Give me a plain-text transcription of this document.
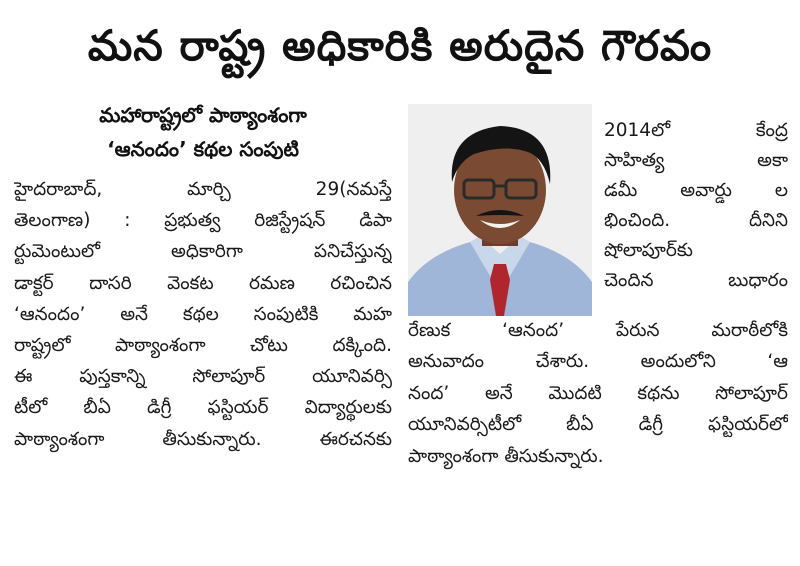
మన రాష్ట్ర అధికారికి అరుదైన గౌరవం
మహారాష్ట్రలో పాఠ్యాంశంగా
‘ఆనందం’ కథల సంపుటి
హైదరాబాద్, మార్చి 29(నమస్తే
తెలంగాణ) : ప్రభుత్వ రిజిస్ట్రేషన్ డిపా
ర్టుమెంటులో అధికారిగా పనిచేస్తున్న
డాక్టర్ దాసరి వెంకట రమణ రచించిన
‘ఆనందం’ అనే కథల సంపుటికి మహ
రాష్ట్రలో పాఠ్యాంశంగా చోటు దక్కింది.
ఈ పుస్తకాన్ని సోలాపూర్ యూనివర్సి
టీలో బీఏ డిగ్రీ ఫస్టియర్ విద్యార్థులకు
పాఠ్యాంశంగా తీసుకున్నారు. ఈరచనకు
2014లో కేంద్ర
సాహిత్య అకా
డమీ అవార్డు ల
భించింది. దీనిని
షోలాపూర్‌కు
చెందిన బుధారం
రేణుక ‘ఆనంద’ పేరున మరాఠీలోకి
అనువాదం చేశారు. అందులోని ‘ఆ
నంద’ అనే మొదటి కథను సోలాపూర్
యూనివర్సిటీలో బీఏ డిగ్రీ ఫస్టియర్‌లో
పాఠ్యాంశంగా తీసుకున్నారు.
